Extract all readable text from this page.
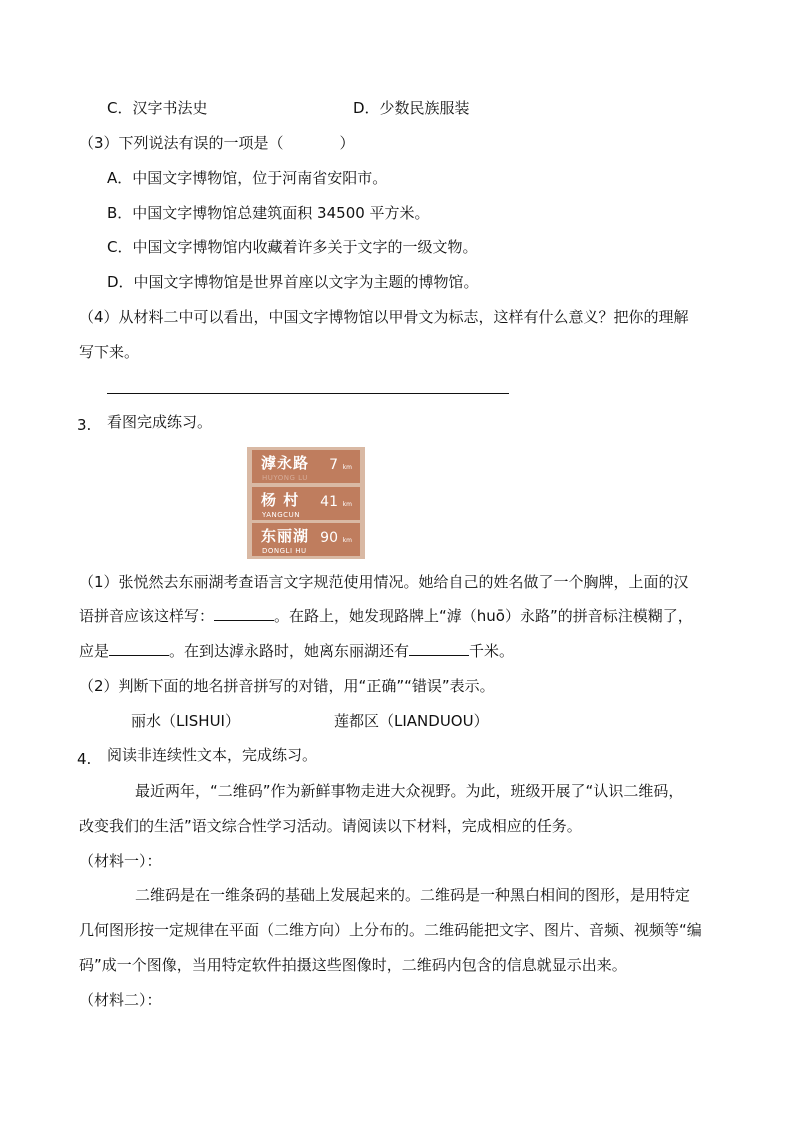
C．汉字书法史	D．少数民族服装
（3）下列说法有误的一项是（	）
A．中国文字博物馆，位于河南省安阳市。
B．中国文字博物馆总建筑面积 34500 平方米。
C．中国文字博物馆内收藏着许多关于文字的一级文物。
D．中国文字博物馆是世界首座以文字为主题的博物馆。
（4）从材料二中可以看出，中国文字博物馆以甲骨文为标志，这样有什么意义？把你的理解
写下来。
3. 看图完成练习。
滹永路
HUYONG LU
7 km
杨 村
YANGCUN
41 km
东丽湖
DONGLI HU
90 km
（1）张悦然去东丽湖考查语言文字规范使用情况。她给自己的姓名做了一个胸牌，上面的汉
语拼音应该这样写：	。在路上，她发现路牌上“滹（huō）永路”的拼音标注模糊了，
应是	。在到达滹永路时，她离东丽湖还有	千米。
（2）判断下面的地名拼音拼写的对错，用“正确”“错误”表示。
丽水（LISHUI）	莲都区（LIANDUOU）
4. 阅读非连续性文本，完成练习。
最近两年，“二维码”作为新鲜事物走进大众视野。为此，班级开展了“认识二维码，
改变我们的生活”语文综合性学习活动。请阅读以下材料，完成相应的任务。
（材料一）：
二维码是在一维条码的基础上发展起来的。二维码是一种黑白相间的图形，是用特定
几何图形按一定规律在平面（二维方向）上分布的。二维码能把文字、图片、音频、视频等“编
码”成一个图像，当用特定软件拍摄这些图像时，二维码内包含的信息就显示出来。
（材料二）：
